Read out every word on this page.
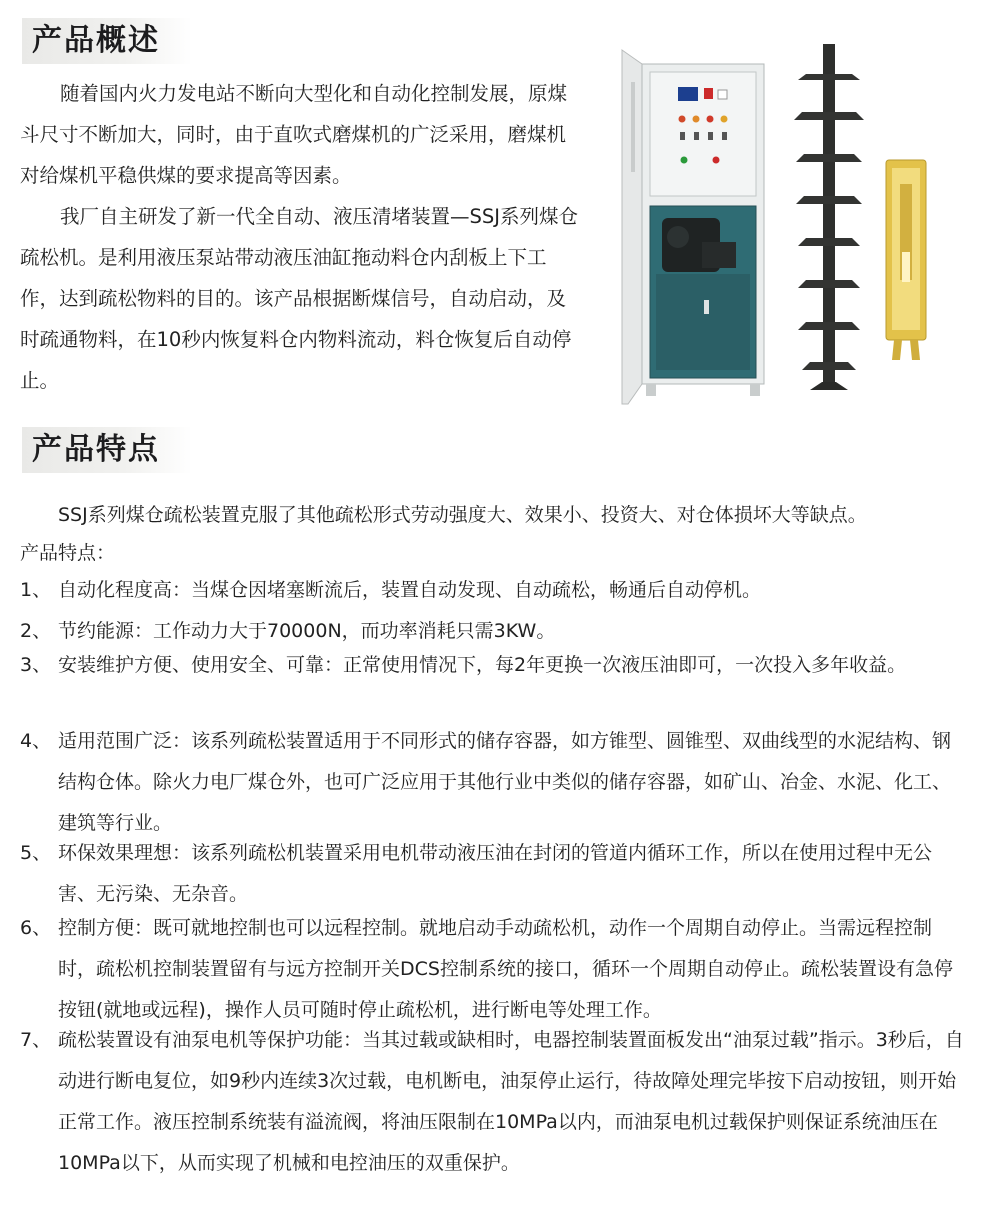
产品概述

随着国内火力发电站不断向大型化和自动化控制发展，原煤斗尺寸不断加大，同时，由于直吹式磨煤机的广泛采用，磨煤机对给煤机平稳供煤的要求提高等因素。

我厂自主研发了新一代全自动、液压清堵装置—SSJ系列煤仓疏松机。是利用液压泵站带动液压油缸拖动料仓内刮板上下工作，达到疏松物料的目的。该产品根据断煤信号，自动启动，及时疏通物料，在10秒内恢复料仓内物料流动，料仓恢复后自动停止。

产品特点

SSJ系列煤仓疏松装置克服了其他疏松形式劳动强度大、效果小、投资大、对仓体损坏大等缺点。

产品特点：

1、 自动化程度高：当煤仓因堵塞断流后，装置自动发现、自动疏松，畅通后自动停机。
2、 节约能源：工作动力大于70000N，而功率消耗只需3KW。
3、 安装维护方便、使用安全、可靠：正常使用情况下，每2年更换一次液压油即可，一次投入多年收益。
4、 适用范围广泛：该系列疏松装置适用于不同形式的储存容器，如方锥型、圆锥型、双曲线型的水泥结构、钢结构仓体。除火力电厂煤仓外，也可广泛应用于其他行业中类似的储存容器，如矿山、冶金、水泥、化工、建筑等行业。
5、 环保效果理想：该系列疏松机装置采用电机带动液压油在封闭的管道内循环工作，所以在使用过程中无公害、无污染、无杂音。
6、 控制方便：既可就地控制也可以远程控制。就地启动手动疏松机，动作一个周期自动停止。当需远程控制时，疏松机控制装置留有与远方控制开关DCS控制系统的接口，循环一个周期自动停止。疏松装置设有急停按钮(就地或远程)，操作人员可随时停止疏松机，进行断电等处理工作。
7、 疏松装置设有油泵电机等保护功能：当其过载或缺相时，电器控制装置面板发出“油泵过载”指示。3秒后，自动进行断电复位，如9秒内连续3次过载，电机断电，油泵停止运行，待故障处理完毕按下启动按钮，则开始正常工作。液压控制系统装有溢流阀，将油压限制在10MPa以内，而油泵电机过载保护则保证系统油压在10MPa以下，从而实现了机械和电控油压的双重保护。
